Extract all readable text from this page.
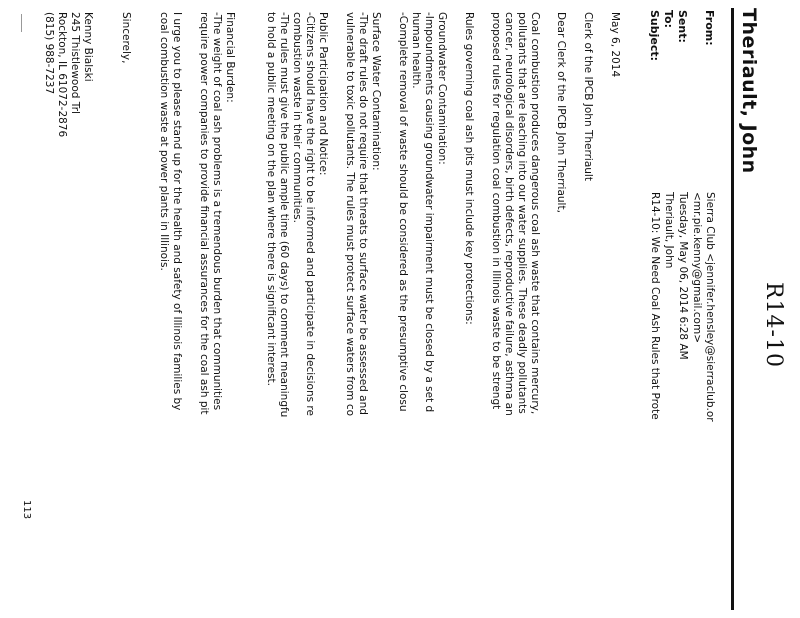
R14-10
Theriault, John
From:
Sierra Club <jennifer.hensley@sierraclub.or
<mr.pie.kenny@gmail.com>
Sent:
Tuesday, May 06, 2014 6:28 AM
To:
Theriault, John
Subject:
R14-10: We Need Coal Ash Rules that Prote
May 6, 2014
Clerk of the IPCB John Therriault
Dear Clerk of the IPCB John Therriault,
Coal combustion produces dangerous coal ash waste that contains mercury,
pollutants that are leaching into our water supplies. These deadly pollutants
cancer, neurological disorders, birth defects, reproductive failure, asthma an
proposed rules for regulation coal combustion in Illinois waste to be strengt
Rules governing coal ash pits must include key protections:
Groundwater Contamination:
-Impoundments causing groundwater impairment must be closed by a set d
human health.
-Complete removal of waste should be considered as the presumptive closu
Surface Water Contamination:
-The draft rules do not require that threats to surface water be assessed and
vulnerable to toxic pollutants. The rules must protect surface waters from co
Public Participation and Notice:
-Citizens should have the right to be informed and participate in decisions re
combustion waste in their communities.
-The rules must give the public ample time (60 days) to comment meaningfu
to hold a public meeting on the plan where there is significant interest.
Financial Burden:
-The weight of coal ash problems is a tremendous burden that communities
require power companies to provide financial assurances for the coal ash pit
I urge you to please stand up for the health and safety of Illinois families by
coal combustion waste at power plants in Illinois.
Sincerely,
Kenny Bialski
245 Thistlewood Trl
Rockton, IL 61072-2876
(815) 988-7237
113
